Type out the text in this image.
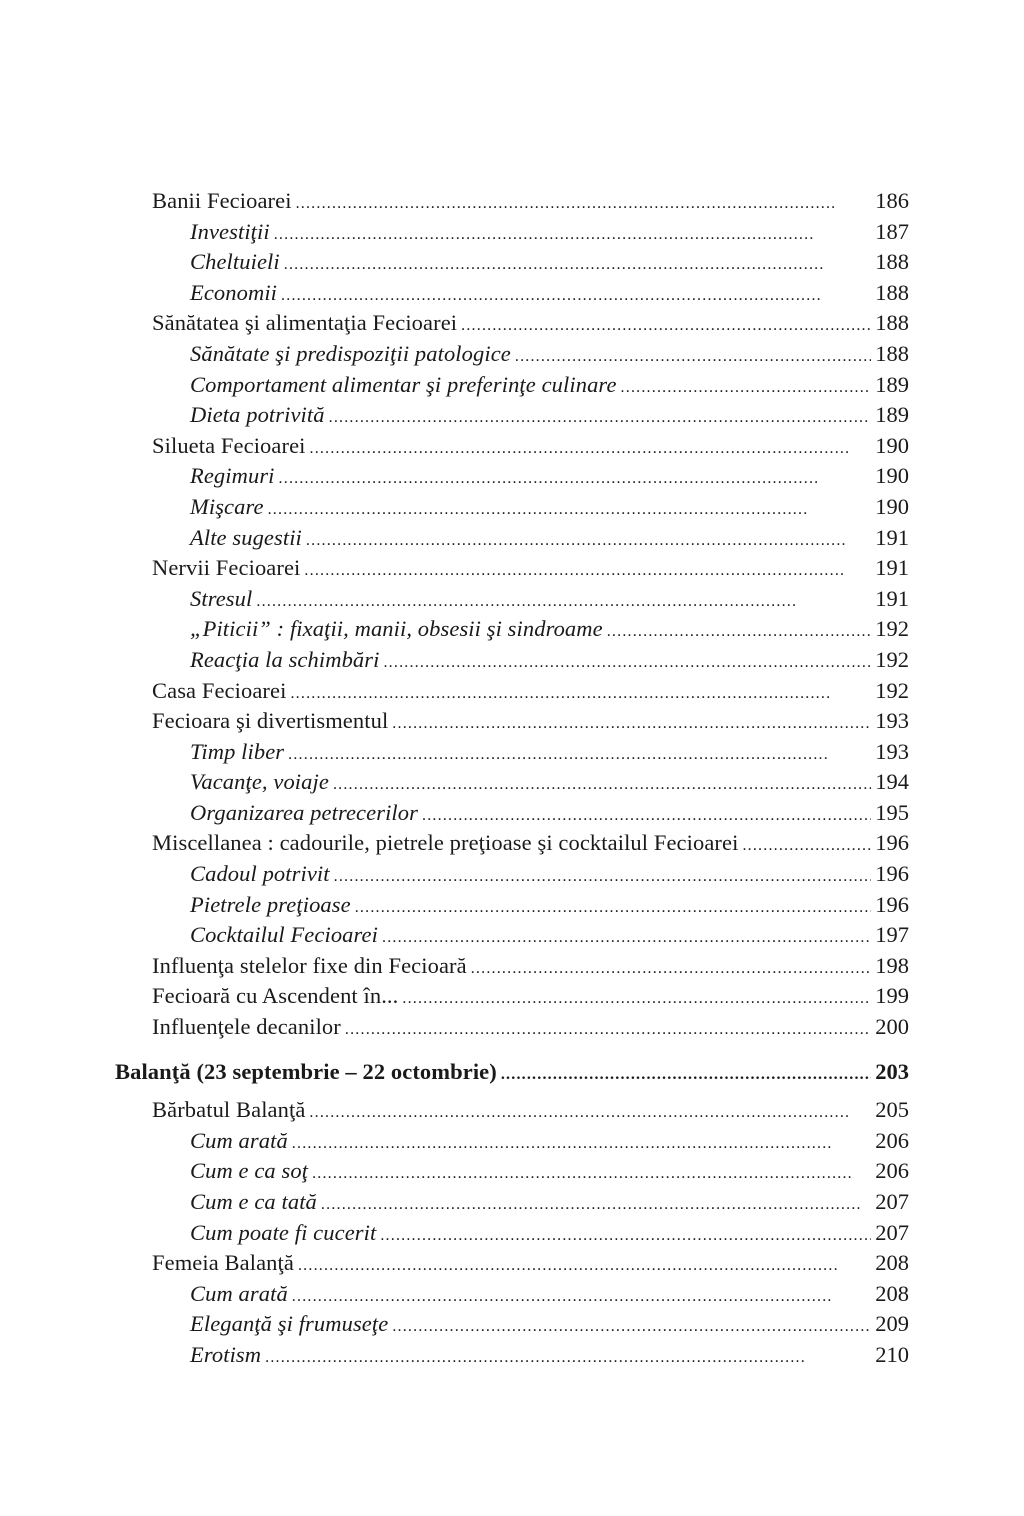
Banii Fecioarei . . .	186
Investiţii . . .	187
Cheltuieli . . .	188
Economii . . .	188
Sănătatea şi alimentaţia Fecioarei . . .	188
Sănătate şi predispoziţii patologice . . .	188
Comportament alimentar şi preferinţe culinare . . .	189
Dieta potrivită . . .	189
Silueta Fecioarei . . .	190
Regimuri . . .	190
Mişcare . . .	190
Alte sugestii . . .	191
Nervii Fecioarei . . .	191
Stresul . . .	191
„Piticii” : fixaţii, manii, obsesii şi sindroame . . .	192
Reacţia la schimbări . . .	192
Casa Fecioarei . . .	192
Fecioara şi divertismentul . . .	193
Timp liber . . .	193
Vacanţe, voiaje . . .	194
Organizarea petrecerilor . . .	195
Miscellanea : cadourile, pietrele preţioase şi cocktailul Fecioarei . . .	196
Cadoul potrivit . . .	196
Pietrele preţioase . . .	196
Cocktailul Fecioarei . . .	197
Influenţa stelelor fixe din Fecioară . . .	198
Fecioară cu Ascendent în... . . .	199
Influenţele decanilor . . .	200
Balanţă (23 septembrie – 22 octombrie) . . .	203
Bărbatul Balanţă . . .	205
Cum arată . . .	206
Cum e ca soţ . . .	206
Cum e ca tată . . .	207
Cum poate fi cucerit . . .	207
Femeia Balanţă . . .	208
Cum arată . . .	208
Eleganţă şi frumuseţe . . .	209
Erotism . . .	210
